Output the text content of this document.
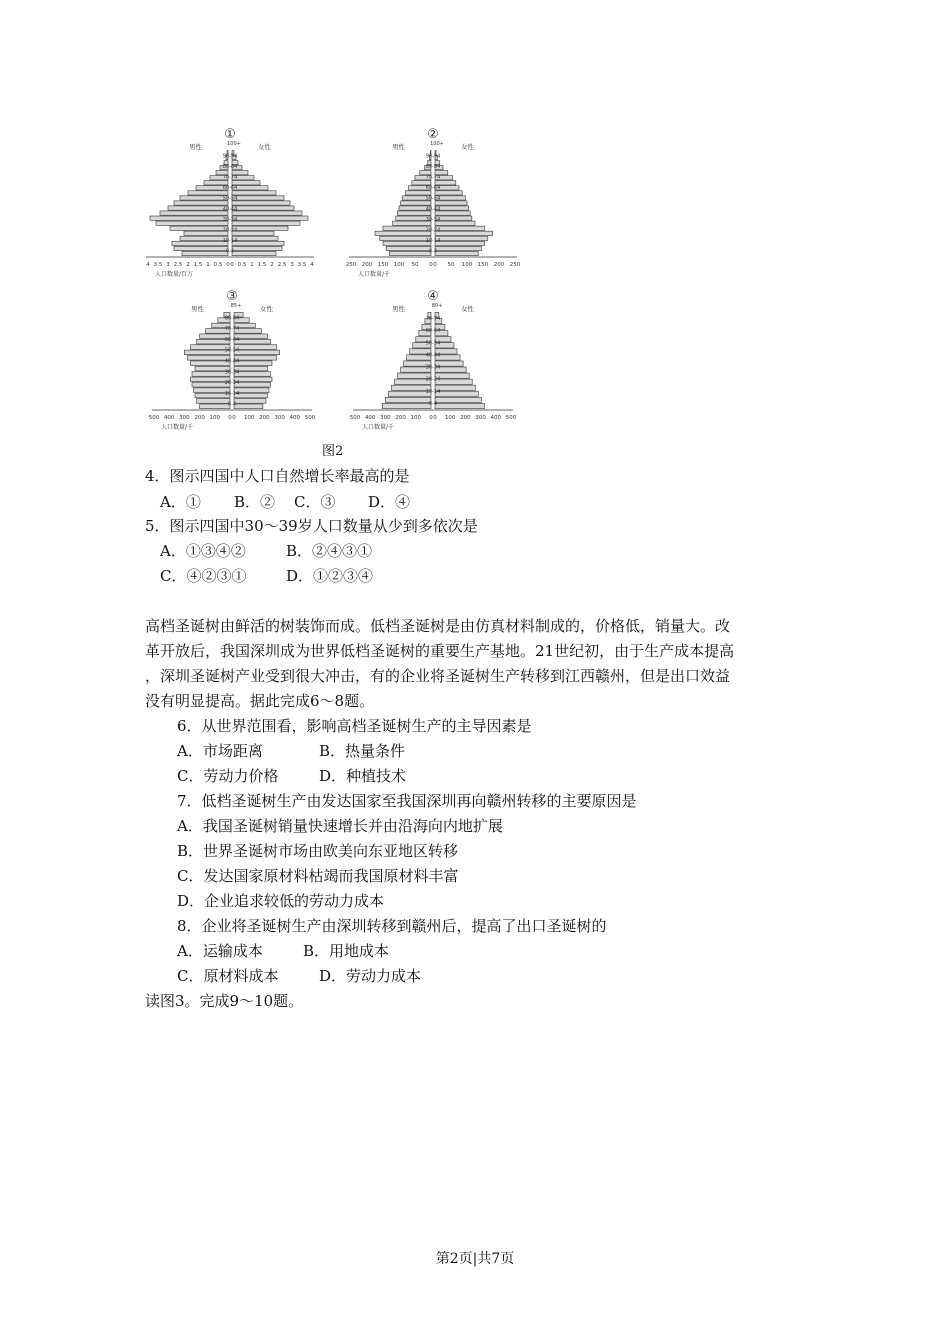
①
男性	女性
100+
90-94
80-84
70-74
60-64
50-54
40-44
30-34
20-24
10-14
0-4
4 3.5 3 2.5 2 1.5 1 0.5 0 0 0.5 1 1.5 2 2.5 3 3.5 4
人口数量/百万
②
男性	女性
100+
90-94
80-84
70-74
60-64
50-54
40-44
30-34
20-24
10-14
0-4
250 200 150 100 50 0 0 50 100 150 200 250
人口数量/千
③
男性	女性
85+
80-84
70-74
60-64
50-54
40-44
30-34
20-24
10-14
0-4
500 400 300 200 100 0 0 100 200 300 400 500
人口数量/千
④
男性	女性
80+
70-74
60-64
50-54
40-44
30-34
20-24
10-14
0-4
500 400 300 200 100 0 0 100 200 300 400 500
人口数量/千
图2
4．图示四国中人口自然增长率最高的是
A．① B．② C．③ D．④
5．图示四国中30～39岁人口数量从少到多依次是
A．①③④②	B．②④③①
C．④②③①	D．①②③④
高档圣诞树由鲜活的树装饰而成。低档圣诞树是由仿真材料制成的，价格低，销量大。改
革开放后，我国深圳成为世界低档圣诞树的重要生产基地。21世纪初，由于生产成本提高
，深圳圣诞树产业受到很大冲击，有的企业将圣诞树生产转移到江西赣州，但是出口效益
没有明显提高。据此完成6～8题。
6．从世界范围看，影响高档圣诞树生产的主导因素是
A．市场距离	B．热量条件
C．劳动力价格	D．种植技术
7．低档圣诞树生产由发达国家至我国深圳再向赣州转移的主要原因是
A．我国圣诞树销量快速增长并由沿海向内地扩展
B．世界圣诞树市场由欧美向东亚地区转移
C．发达国家原材料枯竭而我国原材料丰富
D．企业追求较低的劳动力成本
8．企业将圣诞树生产由深圳转移到赣州后，提高了出口圣诞树的
A．运输成本	B．用地成本
C．原材料成本	D．劳动力成本
读图3。完成9～10题。
第2页|共7页
